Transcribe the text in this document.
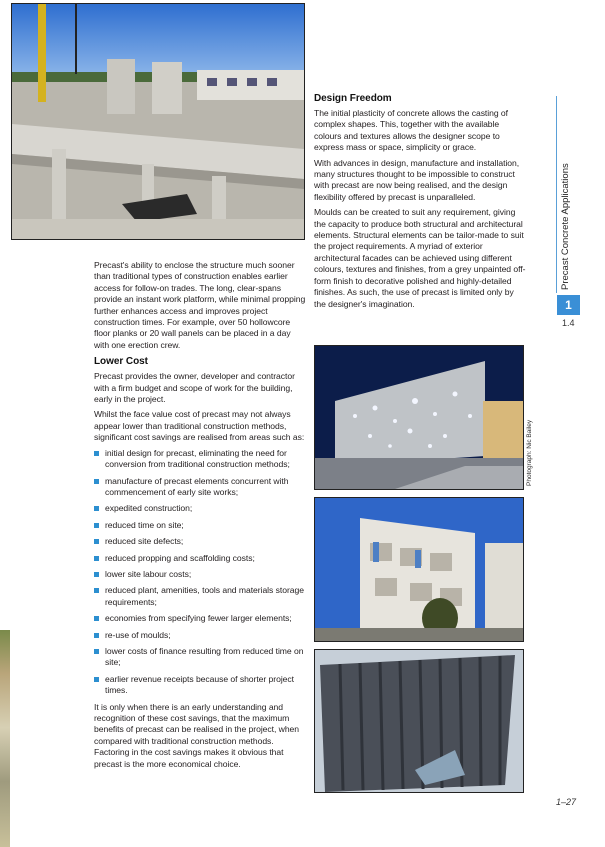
Precast's ability to enclose the structure much sooner than traditional types of construction enables earlier access for follow-on trades. The long, clear-spans provide an instant work platform, while minimal propping further enhances access and improves project construction times. For example, over 50 hollowcore floor planks or 20 wall panels can be placed in a day with one erection crew.

Lower Cost

Precast provides the owner, developer and contractor with a firm budget and scope of work for the building, early in the project.

Whilst the face value cost of precast may not always appear lower than traditional construction methods, significant cost savings are realised from areas such as:

initial design for precast, eliminating the need for conversion from traditional construction methods;
manufacture of precast elements concurrent with commencement of early site works;
expedited construction;
reduced time on site;
reduced site defects;
reduced propping and scaffolding costs;
lower site labour costs;
reduced plant, amenities, tools and materials storage requirements;
economies from specifying fewer larger elements;
re-use of moulds;
lower costs of finance resulting from reduced time on site;
earlier revenue receipts because of shorter project times.

It is only when there is an early understanding and recognition of these cost savings, that the maximum benefits of precast can be realised in the project, when compared with traditional construction methods. Factoring in the cost savings makes it obvious that precast is the more economical choice.

Design Freedom

The initial plasticity of concrete allows the casting of complex shapes. This, together with the available colours and textures allows the designer scope to express mass or space, simplicity or grace.

With advances in design, manufacture and installation, many structures thought to be impossible to construct with precast are now being realised, and the design flexibility offered by precast is unparalleled.

Moulds can be created to suit any requirement, giving the capacity to produce both structural and architectural elements. Structural elements can be tailor-made to suit the project requirements. A myriad of exterior architectural facades can be achieved using different colours, textures and finishes, from a grey unpainted off-form finish to decorative polished and highly-detailed finishes. As such, the use of precast is limited only by the designer's imagination.

Precast Concrete Applications
1
1.4
Photograph: Nic Bailey
1–27
